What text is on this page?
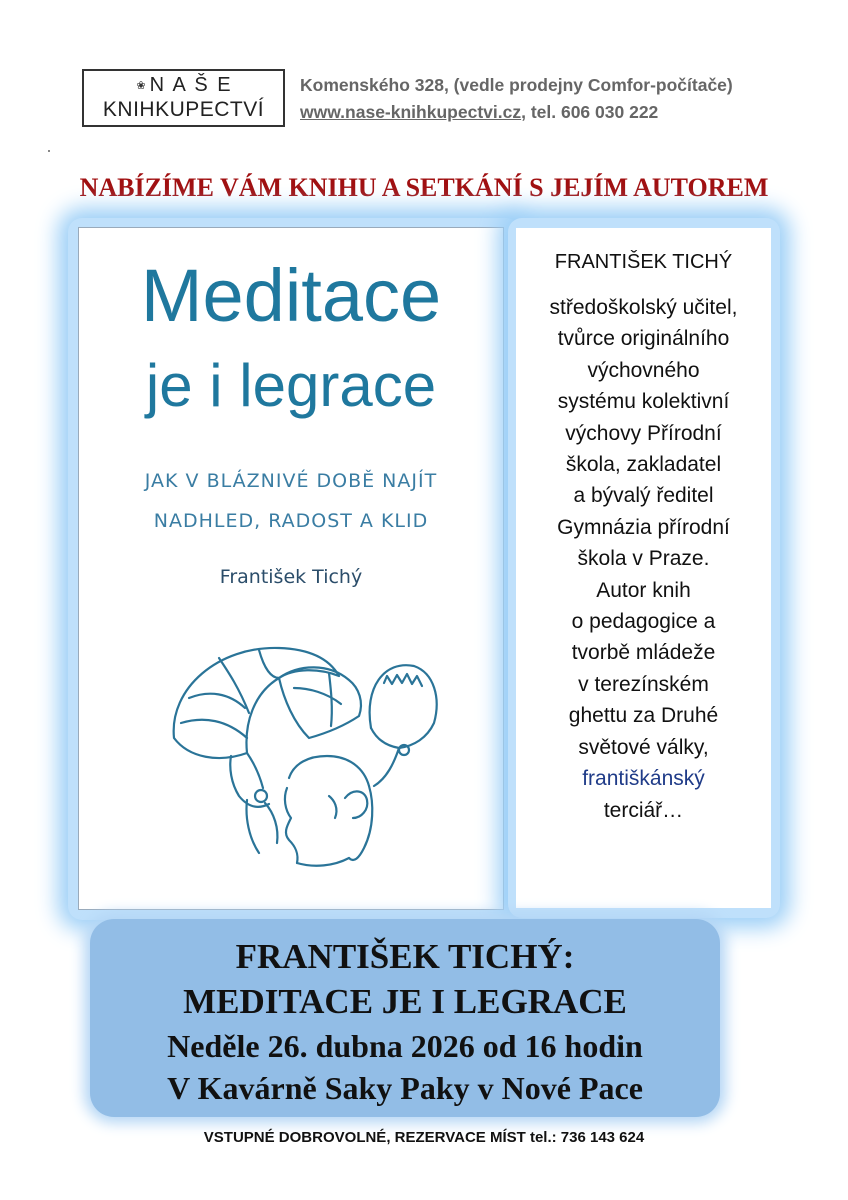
❀ N A Š E
KNIHKUPECTVÍ
Komenského 328, (vedle prodejny Comfor-počítače)
www.nase-knihkupectvi.cz, tel. 606 030 222
NABÍZÍME VÁM KNIHU A SETKÁNÍ S JEJÍM AUTOREM
Meditace
je i legrace
JAK V BLÁZNIVÉ DOBĚ NAJÍT
NADHLED, RADOST A KLID
František Tichý
FRANTIŠEK TICHÝ
středoškolský učitel,
tvůrce originálního
výchovného
systému kolektivní
výchovy Přírodní
škola, zakladatel
a bývalý ředitel
Gymnázia přírodní
škola v Praze.
Autor knih
o pedagogice a
tvorbě mládeže
v terezínském
ghettu za Druhé
světové války,
františkánský
terciář…
FRANTIŠEK TICHÝ:
MEDITACE JE I LEGRACE
Neděle 26. dubna 2026 od 16 hodin
V Kavárně Saky Paky v Nové Pace
VSTUPNÉ DOBROVOLNÉ, REZERVACE MÍST tel.: 736 143 624
